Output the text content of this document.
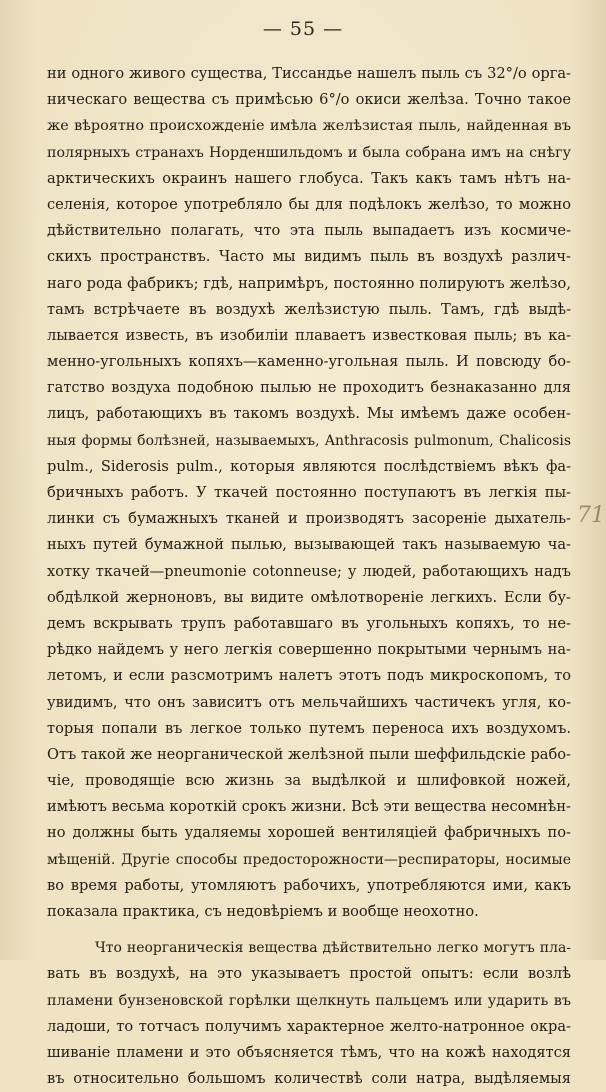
— 55 —
ни одного живого существа, Тиссандье нашелъ пыль съ 32°/о орга-
ническаго вещества съ примѣсью 6°/о окиси желѣза. Точно такое
же вѣроятно происхожденіе имѣла желѣзистая пыль, найденная въ
полярныхъ странахъ Норденшильдомъ и была собрана имъ на снѣгу
арктическихъ окраинъ нашего глобуса. Такъ какъ тамъ нѣтъ на-
селенія, которое употребляло бы для подѣлокъ желѣзо, то можно
дѣйствительно полагать, что эта пыль выпадаетъ изъ космиче-
скихъ пространствъ. Часто мы видимъ пыль въ воздухѣ различ-
наго рода фабрикъ; гдѣ, напримѣръ, постоянно полируютъ желѣзо,
тамъ встрѣчаете въ воздухѣ желѣзистую пыль. Тамъ, гдѣ выдѣ-
лывается известь, въ изобиліи плаваетъ известковая пыль; въ ка-
менно-угольныхъ копяхъ—каменно-угольная пыль. И повсюду бо-
гатство воздуха подобною пылью не проходитъ безнаказанно для
лицъ, работающихъ въ такомъ воздухѣ. Мы имѣемъ даже особен-
ныя формы болѣзней, называемыхъ, Anthracosis pulmonum, Chalicosis
pulm., Siderosis pulm., которыя являются послѣдствіемъ вѣкъ фа-
бричныхъ работъ. У ткачей постоянно поступаютъ въ легкія пы-
линки съ бумажныхъ тканей и производятъ засореніе дыхатель-
ныхъ путей бумажной пылью, вызывающей такъ называемую ча-
хотку ткачей—pneumonie cotonneuse; у людей, работающихъ надъ
обдѣлкой жерноновъ, вы видите омѣлотвореніе легкихъ. Если бу-
демъ вскрывать трупъ работавшаго въ угольныхъ копяхъ, то не-
рѣдко найдемъ у него легкія совершенно покрытыми чернымъ на-
летомъ, и если разсмотримъ налетъ этотъ подъ микроскопомъ, то
увидимъ, что онъ зависитъ отъ мельчайшихъ частичекъ угля, ко-
торыя попали въ легкое только путемъ переноса ихъ воздухомъ.
Отъ такой же неорганической желѣзной пыли шеффильдскіе рабо-
чіе, проводящіе всю жизнь за выдѣлкой и шлифовкой ножей,
имѣютъ весьма короткій срокъ жизни. Всѣ эти вещества несомнѣн-
но должны быть удаляемы хорошей вентиляціей фабричныхъ по-
мѣщеній. Другіе способы предосторожности—респираторы, носимые
во время работы, утомляютъ рабочихъ, употребляются ими, какъ
показала практика, съ недовѣріемъ и вообще неохотно.
Что неорганическія вещества дѣйствительно легко могутъ пла-
вать въ воздухѣ, на это указываетъ простой опытъ: если возлѣ
пламени бунзеновской горѣлки щелкнуть пальцемъ или ударить въ
ладоши, то тотчасъ получимъ характерное желто-натронное окра-
шиваніе пламени и это объясняется тѣмъ, что на кожѣ находятся
въ относительно большомъ количествѣ соли натра, выдѣляемыя
71
